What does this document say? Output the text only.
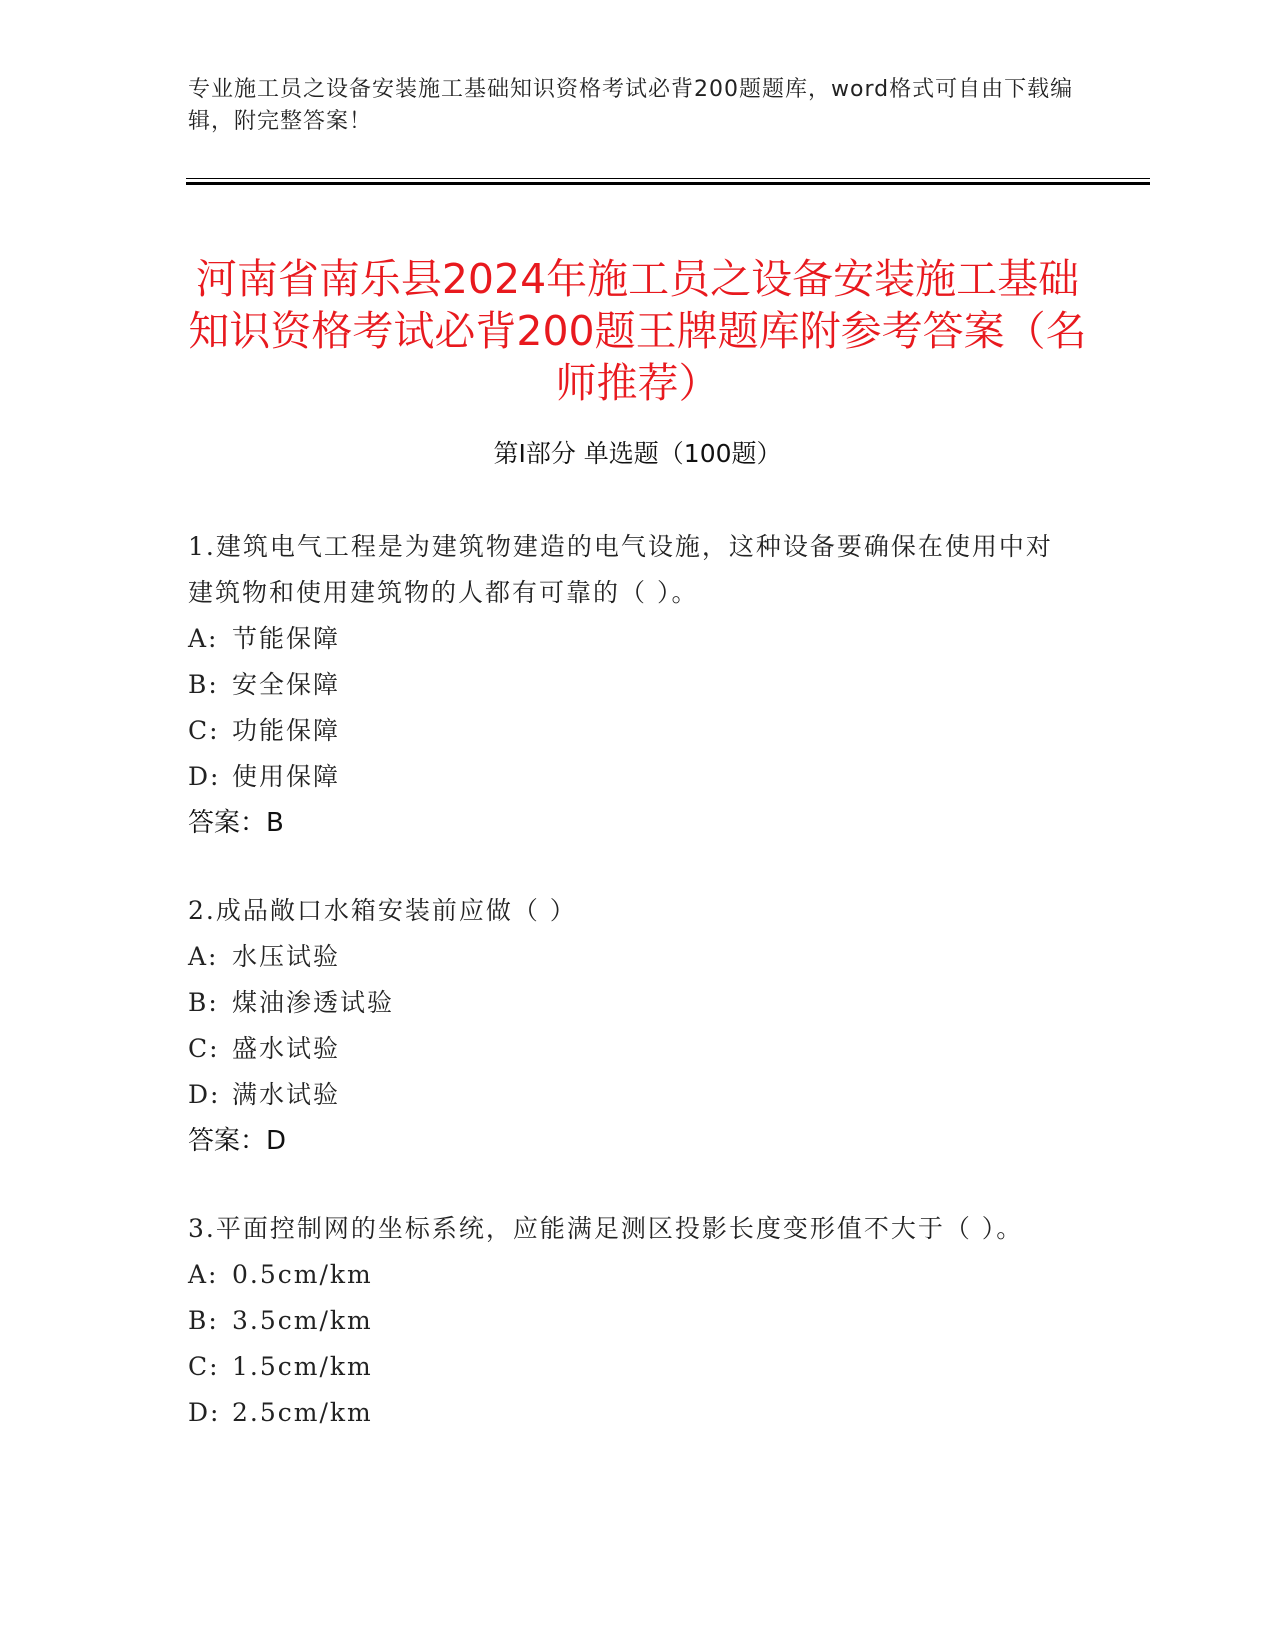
专业施工员之设备安装施工基础知识资格考试必背200题题库，word格式可自由下载编辑，附完整答案！
河南省南乐县2024年施工员之设备安装施工基础知识资格考试必背200题王牌题库附参考答案（名师推荐）
第Ⅰ部分 单选题（100题）

1.建筑电气工程是为建筑物建造的电气设施，这种设备要确保在使用中对建筑物和使用建筑物的人都有可靠的（ ）。

A: 节能保障

B: 安全保障

C: 功能保障

D: 使用保障

答案：B

2.成品敞口水箱安装前应做（ ）

A: 水压试验

B: 煤油渗透试验

C: 盛水试验

D: 满水试验

答案：D

3.平面控制网的坐标系统，应能满足测区投影长度变形值不大于（ ）。

A: 0.5cm/km

B: 3.5cm/km

C: 1.5cm/km

D: 2.5cm/km
